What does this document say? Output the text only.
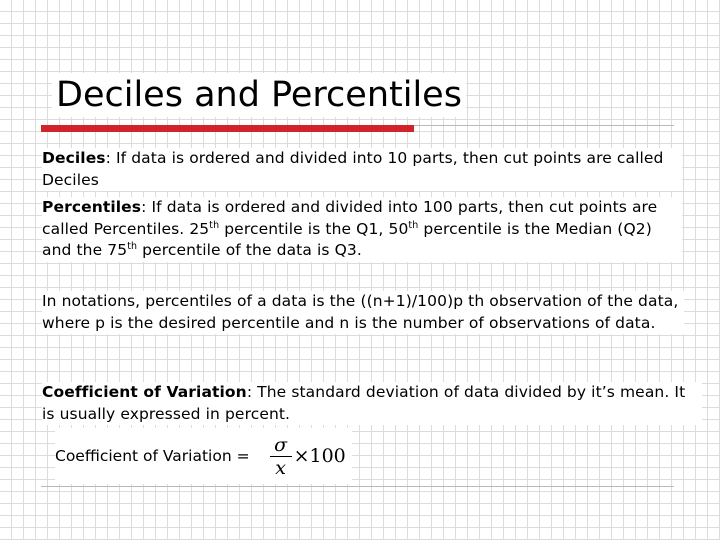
Deciles and Percentiles

Deciles: If data is ordered and divided into 10 parts, then cut points are called Deciles

Percentiles: If data is ordered and divided into 100 parts, then cut points are called Percentiles. 25th percentile is the Q1, 50th percentile is the Median (Q2) and the 75th percentile of the data is Q3.

In notations, percentiles of a data is the ((n+1)/100)p th observation of the data, where p is the desired percentile and n is the number of observations of data.

Coefficient of Variation: The standard deviation of data divided by it’s mean. It is usually expressed in percent.

Coefficient of Variation = $\frac{\sigma}{x} \times 100$
